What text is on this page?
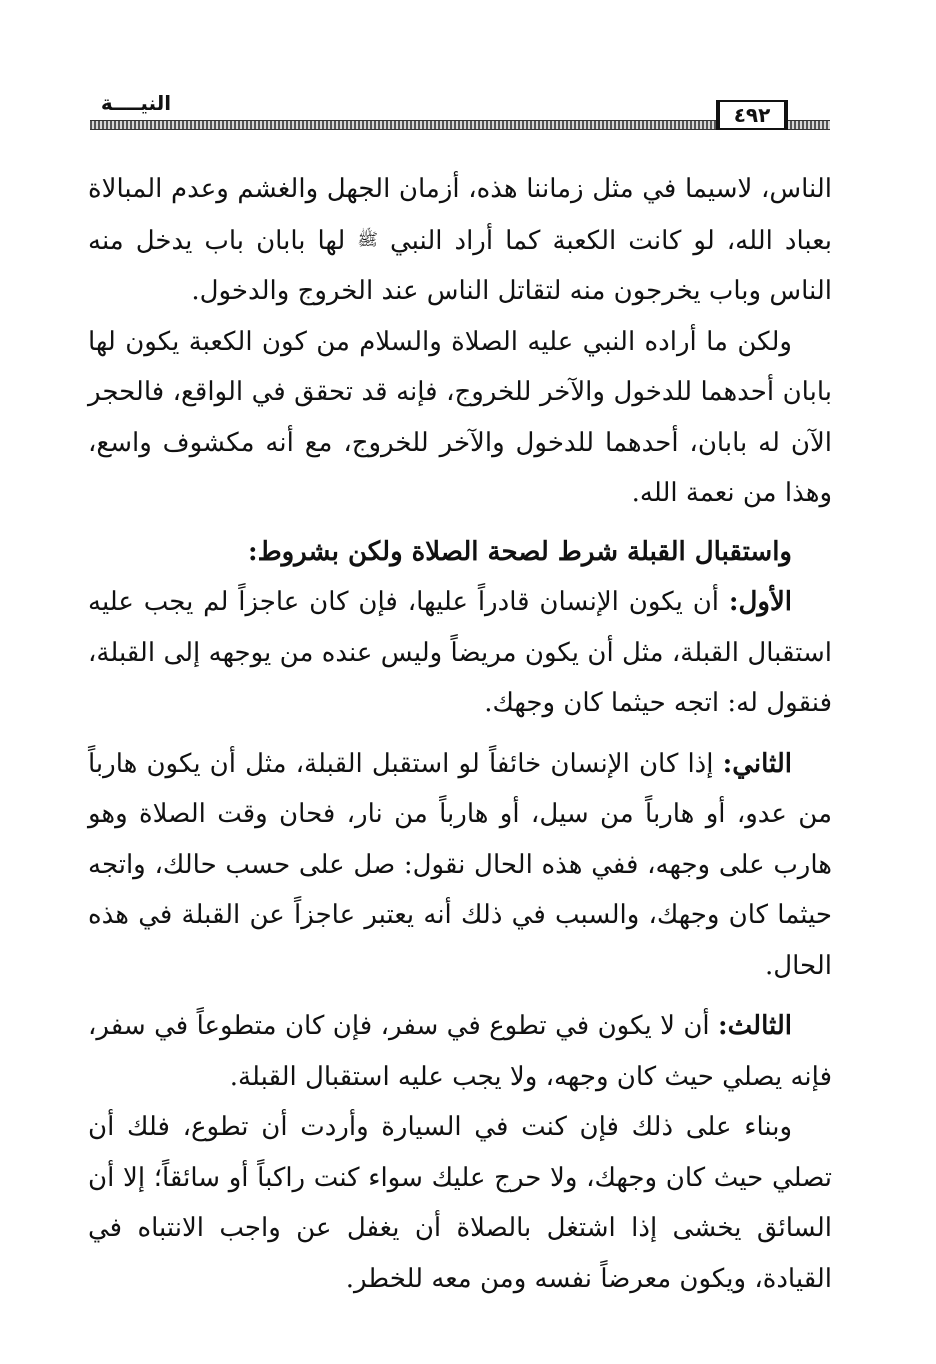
النيــــة	٤٩٢

الناس، لاسيما في مثل زماننا هذه، أزمان الجهل والغشم وعدم المبالاة بعباد الله، لو كانت الكعبة كما أراد النبي ﷺ لها بابان باب يدخل منه الناس وباب يخرجون منه لتقاتل الناس عند الخروج والدخول.

ولكن ما أراده النبي عليه الصلاة والسلام من كون الكعبة يكون لها بابان أحدهما للدخول والآخر للخروج، فإنه قد تحقق في الواقع، فالحجر الآن له بابان، أحدهما للدخول والآخر للخروج، مع أنه مكشوف واسع، وهذا من نعمة الله.

واستقبال القبلة شرط لصحة الصلاة ولكن بشروط:

الأول: أن يكون الإنسان قادراً عليها، فإن كان عاجزاً لم يجب عليه استقبال القبلة، مثل أن يكون مريضاً وليس عنده من يوجهه إلى القبلة، فنقول له: اتجه حيثما كان وجهك.

الثاني: إذا كان الإنسان خائفاً لو استقبل القبلة، مثل أن يكون هارباً من عدو، أو هارباً من سيل، أو هارباً من نار، فحان وقت الصلاة وهو هارب على وجهه، ففي هذه الحال نقول: صل على حسب حالك، واتجه حيثما كان وجهك، والسبب في ذلك أنه يعتبر عاجزاً عن القبلة في هذه الحال.

الثالث: أن لا يكون في تطوع في سفر، فإن كان متطوعاً في سفر، فإنه يصلي حيث كان وجهه، ولا يجب عليه استقبال القبلة.

وبناء على ذلك فإن كنت في السيارة وأردت أن تطوع، فلك أن تصلي حيث كان وجهك، ولا حرج عليك سواء كنت راكباً أو سائقاً؛ إلا أن السائق يخشى إذا اشتغل بالصلاة أن يغفل عن واجب الانتباه في القيادة، ويكون معرضاً نفسه ومن معه للخطر.
